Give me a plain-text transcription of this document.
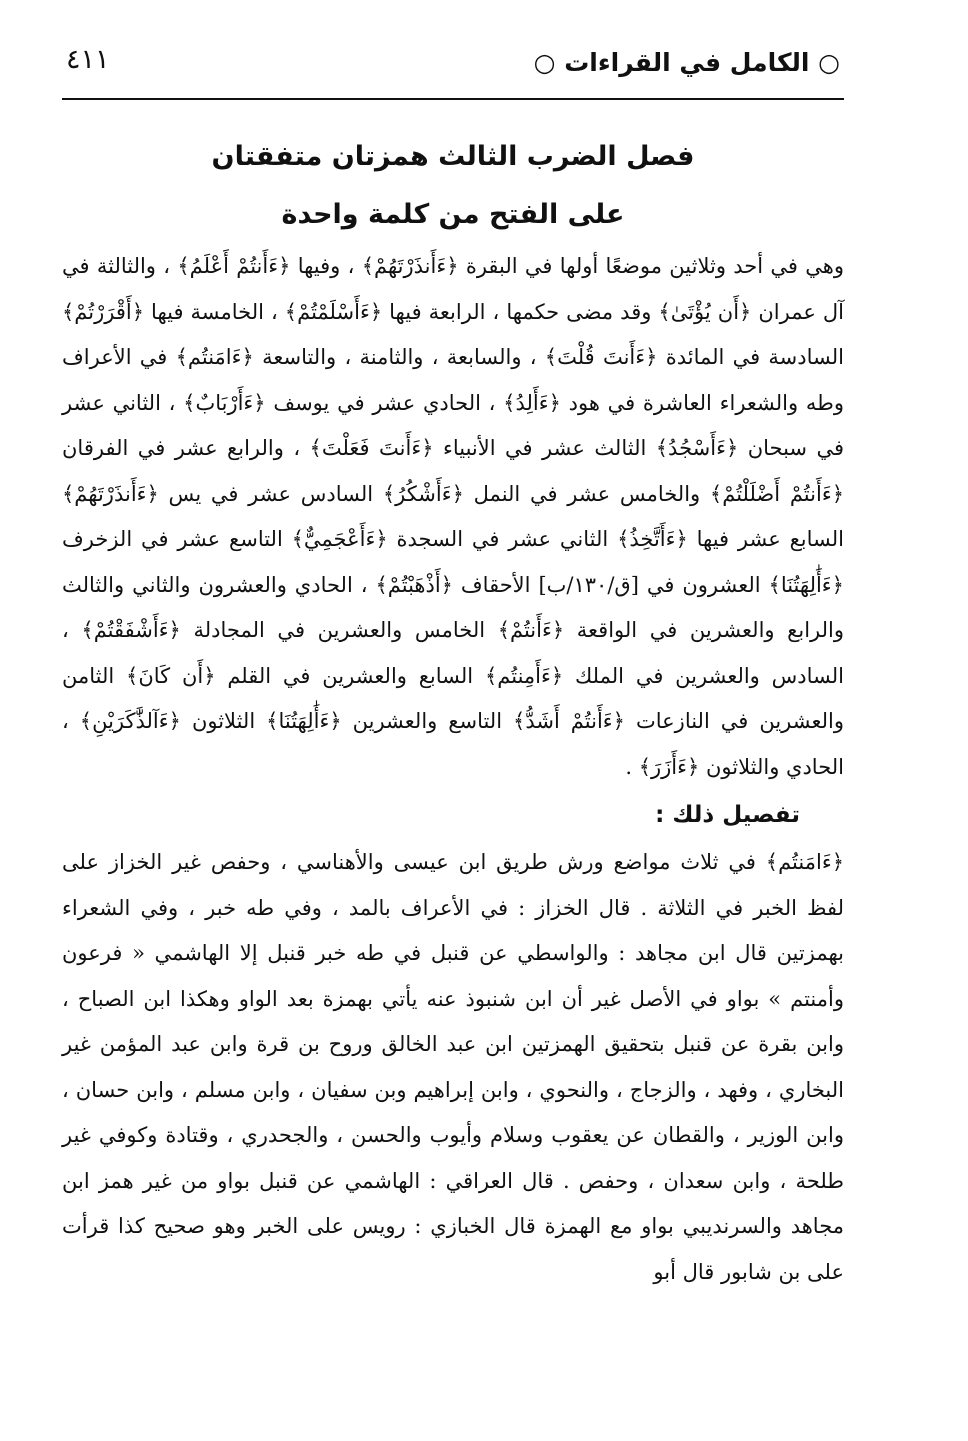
○ الكامل في القراءات ○
٤١١
فصل الضرب الثالث همزتان متفقتان
على الفتح من كلمة واحدة

وهي في أحد وثلاثين موضعًا أولها في البقرة ﴿ءَأَنذَرْتَهُمْ﴾ ، وفيها ﴿ءَأَنتُمْ أَعْلَمُ﴾ ، والثالثة في آل عمران ﴿أَن يُؤْتَىٰ﴾ وقد مضى حكمها ، الرابعة فيها ﴿ءَأَسْلَمْتُمْ﴾ ، الخامسة فيها ﴿أَقْرَرْتُمْ﴾ السادسة في المائدة ﴿ءَأَنتَ قُلْتَ﴾ ، والسابعة ، والثامنة ، والتاسعة ﴿ءَامَنتُم﴾ في الأعراف وطه والشعراء العاشرة في هود ﴿ءَأَلِدُ﴾ ، الحادي عشر في يوسف ﴿ءَأَرْبَابٌ﴾ ، الثاني عشر في سبحان ﴿ءَأَسْجُدُ﴾ الثالث عشر في الأنبياء ﴿ءَأَنتَ فَعَلْتَ﴾ ، والرابع عشر في الفرقان ﴿ءَأَنتُمْ أَضْلَلْتُمْ﴾ والخامس عشر في النمل ﴿ءَأَشْكُرُ﴾ السادس عشر في يس ﴿ءَأَنذَرْتَهُمْ﴾ السابع عشر فيها ﴿ءَأَتَّخِذُ﴾ الثاني عشر في السجدة ﴿ءَأَعْجَمِيٌّ﴾ التاسع عشر في الزخرف ﴿ءَأَٰلِهَتُنَا﴾ العشرون في [ق/١٣٠/ب] الأحقاف ﴿أَذْهَبْتُمْ﴾ ، الحادي والعشرون والثاني والثالث والرابع والعشرين في الواقعة ﴿ءَأَنتُمْ﴾ الخامس والعشرين في المجادلة ﴿ءَأَشْفَقْتُمْ﴾ ، السادس والعشرين في الملك ﴿ءَأَمِنتُم﴾ السابع والعشرين في القلم ﴿أَن كَانَ﴾ الثامن والعشرين في النازعات ﴿ءَأَنتُمْ أَشَدُّ﴾ التاسع والعشرين ﴿ءَأَٰلِهَتُنَا﴾ الثلاثون ﴿ءَآلذَّٰكَرَيْنِ﴾ ، الحادي والثلاثون ﴿ءَأَزَرَ﴾ .

تفصيل ذلك :

﴿ءَامَنتُم﴾ في ثلاث مواضع ورش طريق ابن عيسى والأهناسي ، وحفص غير الخزاز على لفظ الخبر في الثلاثة . قال الخزاز : في الأعراف بالمد ، وفي طه خبر ، وفي الشعراء بهمزتين قال ابن مجاهد : والواسطي عن قنبل في طه خبر قنبل إلا الهاشمي « فرعون وأمنتم » بواو في الأصل غير أن ابن شنبوذ عنه يأتي بهمزة بعد الواو وهكذا ابن الصباح ، وابن بقرة عن قنبل بتحقيق الهمزتين ابن عبد الخالق وروح بن قرة وابن عبد المؤمن غير البخاري ، وفهد ، والزجاج ، والنحوي ، وابن إبراهيم وبن سفيان ، وابن مسلم ، وابن حسان ، وابن الوزير ، والقطان عن يعقوب وسلام وأيوب والحسن ، والجحدري ، وقتادة وكوفي غير طلحة ، وابن سعدان ، وحفص . قال العراقي : الهاشمي عن قنبل بواو من غير همز ابن مجاهد والسرنديبي بواو مع الهمزة قال الخبازي : رويس على الخبر وهو صحيح كذا قرأت على بن شابور قال أبو
